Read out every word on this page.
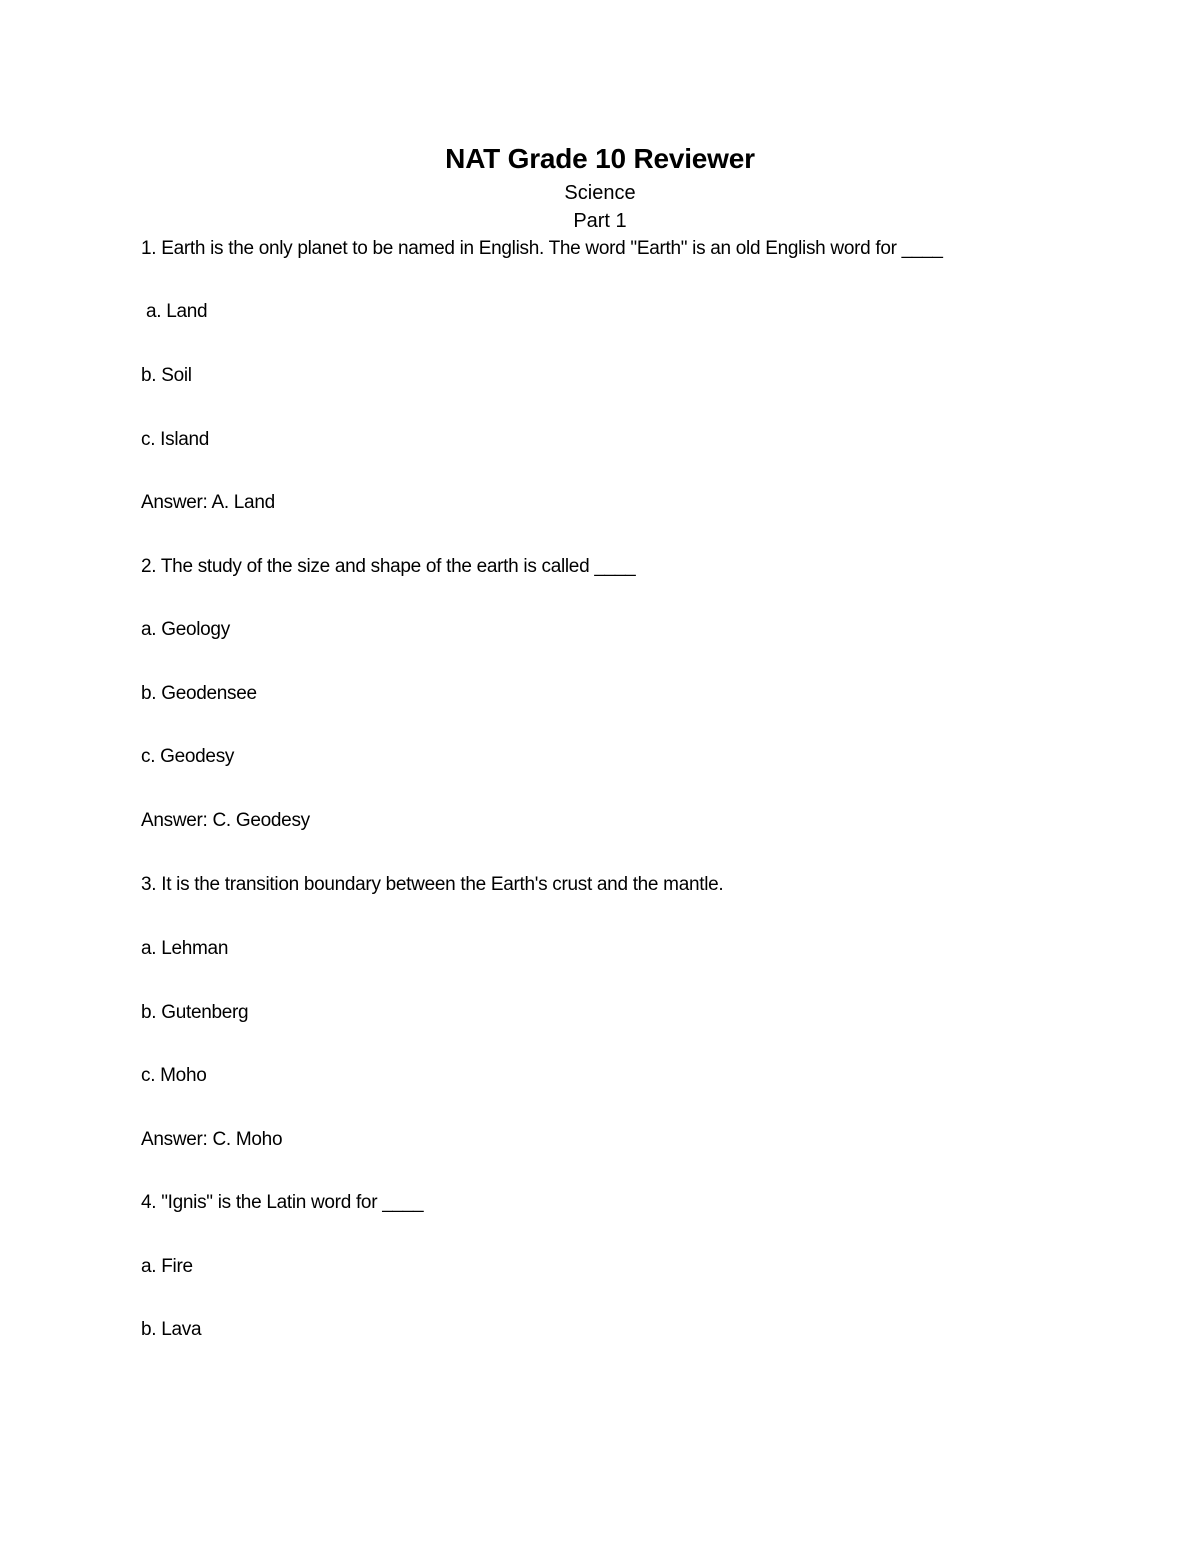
NAT Grade 10 Reviewer
Science
Part 1
1. Earth is the only planet to be named in English. The word "Earth" is an old English word for ____
a. Land
b. Soil
c. Island
Answer: A. Land
2. The study of the size and shape of the earth is called ____
a. Geology
b. Geodensee
c. Geodesy
Answer: C. Geodesy
3. It is the transition boundary between the Earth's crust and the mantle.
a. Lehman
b. Gutenberg
c. Moho
Answer: C. Moho
4. "Ignis" is the Latin word for ____
a. Fire
b. Lava
